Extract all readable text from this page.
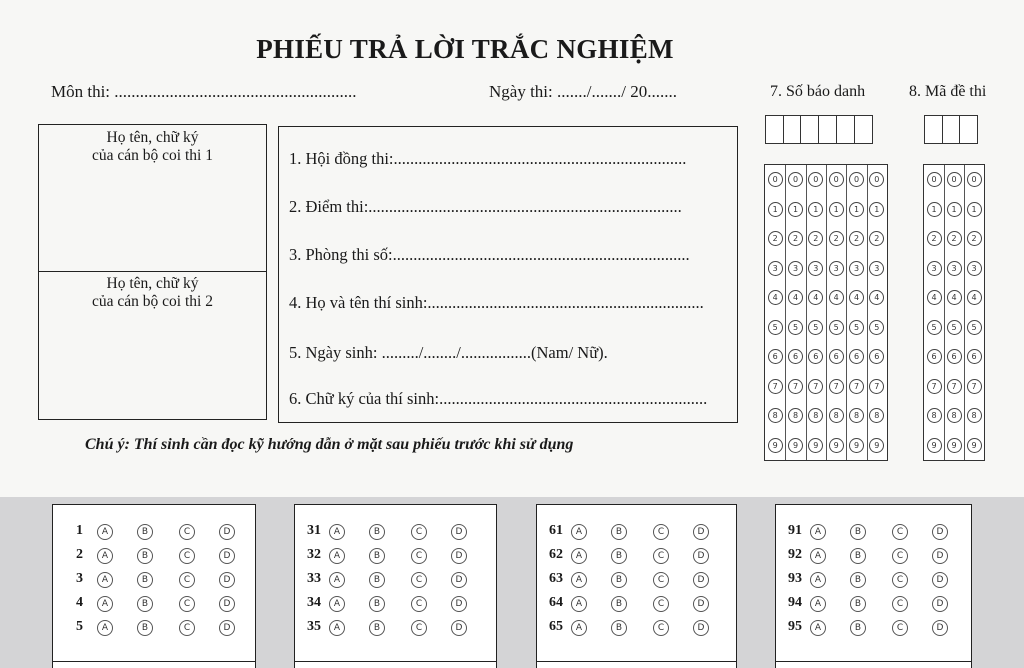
PHIẾU TRẢ LỜI TRẮC NGHIỆM
Môn thi: .........................................................	Ngày thi: ......./......./ 20.......	7. Số báo danh	8. Mã đề thi
Họ tên, chữ ký
của cán bộ coi thi 1
Họ tên, chữ ký
của cán bộ coi thi 2
1. Hội đồng thi:.......................................................................
2. Điểm thi:............................................................................
3. Phòng thi số:........................................................................
4. Họ và tên thí sinh:...................................................................
5. Ngày sinh: ........./......../.................(Nam/ Nữ).
6. Chữ ký của thí sinh:.................................................................
Chú ý: Thí sinh cần đọc kỹ hướng dẫn ở mặt sau phiếu trước khi sử dụng
0	0	0	0	0	0
1	1	1	1	1	1
2	2	2	2	2	2
3	3	3	3	3	3
4	4	4	4	4	4
5	5	5	5	5	5
6	6	6	6	6	6
7	7	7	7	7	7
8	8	8	8	8	8
9	9	9	9	9	9
0	0	0
1	1	1
2	2	2
3	3	3
4	4	4
5	5	5
6	6	6
7	7	7
8	8	8
9	9	9
1	A	B	C	D
2	A	B	C	D
3	A	B	C	D
4	A	B	C	D
5	A	B	C	D
31	A	B	C	D
32	A	B	C	D
33	A	B	C	D
34	A	B	C	D
35	A	B	C	D
61	A	B	C	D
62	A	B	C	D
63	A	B	C	D
64	A	B	C	D
65	A	B	C	D
91	A	B	C	D
92	A	B	C	D
93	A	B	C	D
94	A	B	C	D
95	A	B	C	D
